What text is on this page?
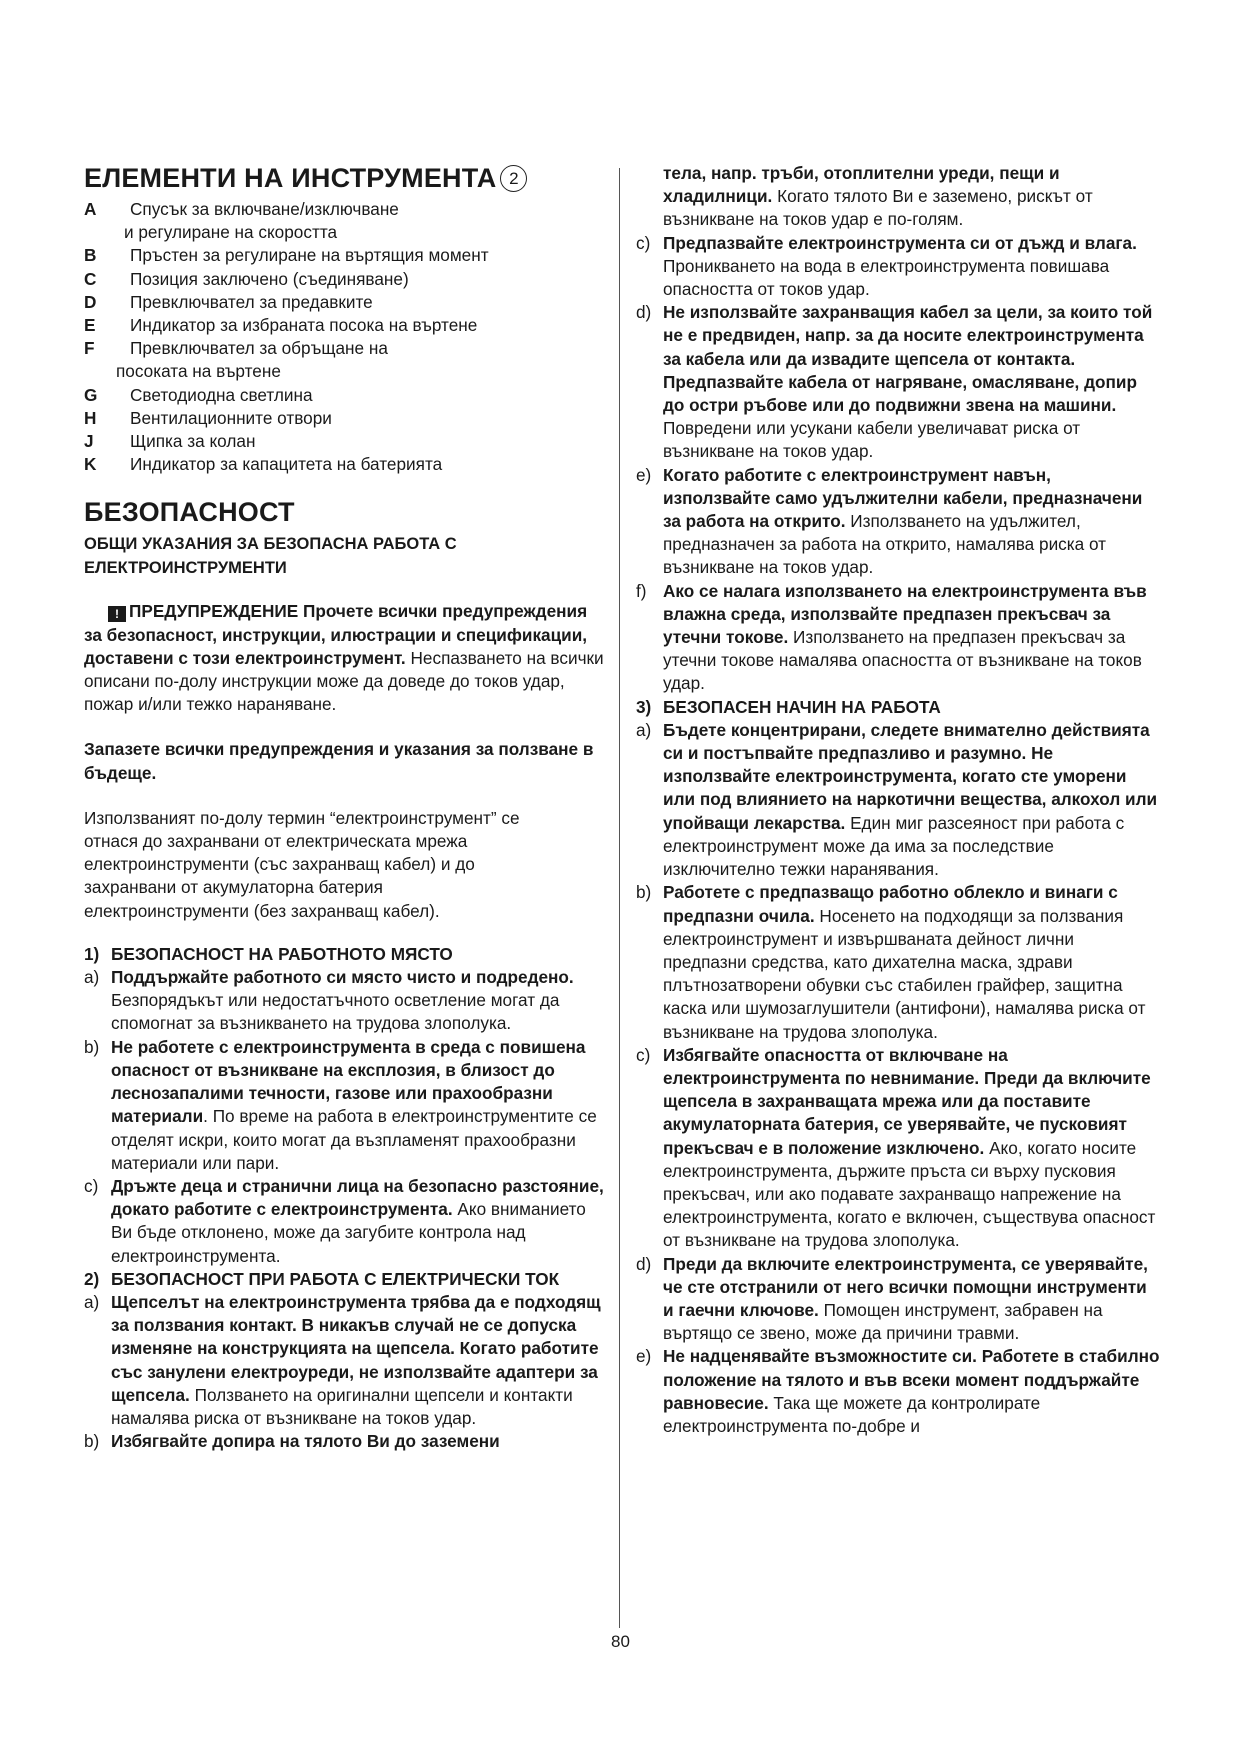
ЕЛЕМЕНТИ НА ИНСТРУМЕНТА 2
A	Спусък за включване/изключване
и регулиране на скоростта
B	Пръстен за регулиране на въртящия момент
C	Позиция заключено (съединяване)
D	Превключвател за предавките
E	Индикатор за избраната посока на въртене
F	Превключвател за обръщане на
посоката на въртене
G	Светодиодна светлина
H	Вентилационните отвори
J	Щипка за колан
K	Индикатор за капацитета на батерията
БЕЗОПАСНОСТ
ОБЩИ УКАЗАНИЯ ЗА БЕЗОПАСНА РАБОТА С ЕЛЕКТРОИНСТРУМЕНТИ
! ПРЕДУПРЕЖДЕНИЕ Прочете всички предупреждения за безопасност, инструкции, илюстрации и спецификации, доставени с този електроинструмент. Неспазването на всички описани по-долу инструкции може да доведе до токов удар, пожар и/или тежко нараняване.
Запазете всички предупреждения и указания за ползване в бъдеще.
Използваният по-долу термин “електроинструмент” се отнася до захранвани от електрическата мрежа електроинструменти (със захранващ кабел) и до захранвани от акумулаторна батерия електроинструменти (без захранващ кабел).
1) БЕЗОПАСНОСТ НА РАБОТНОТО МЯСТО
a) Поддържайте работното си място чисто и подредено. Безпорядъкът или недостатъчното осветление могат да спомогнат за възникването на трудова злополука.
b) Не работете с електроинструмента в среда с повишена опасност от възникване на експлозия, в близост до леснозапалими течности, газове или прахообразни материали. По време на работа в електроинструментите се отделят искри, които могат да възпламенят прахообразни материали или пари.
c) Дръжте деца и странични лица на безопасно разстояние, докато работите с електроинструмента. Ако вниманието Ви бъде отклонено, може да загубите контрола над електроинструмента.
2) БЕЗОПАСНОСТ ПРИ РАБОТА С ЕЛЕКТРИЧЕСКИ ТОК
a) Щепселът на електроинструмента трябва да е подходящ за ползвания контакт. В никакъв случай не се допуска изменяне на конструкцията на щепсела. Когато работите със занулени електроуреди, не използвайте адаптери за щепсела. Ползването на оригинални щепсели и контакти намалява риска от възникване на токов удар.
b) Избягвайте допира на тялото Ви до заземени
тела, напр. тръби, отоплителни уреди, пещи и хладилници. Когато тялото Ви е заземено, рискът от възникване на токов удар е по-голям.
c) Предпазвайте електроинструмента си от дъжд и влага. Проникването на вода в електроинструмента повишава опасността от токов удар.
d) Не използвайте захранващия кабел за цели, за които той не е предвиден, напр. за да носите електроинструмента за кабела или да извадите щепсела от контакта. Предпазвайте кабела от нагряване, омасляване, допир до остри ръбове или до подвижни звена на машини. Повредени или усукани кабели увеличават риска от възникване на токов удар.
e) Когато работите с електроинструмент навън, използвайте само удължителни кабели, предназначени за работа на открито. Използването на удължител, предназначен за работа на открито, намалява риска от възникване на токов удар.
f) Ако се налага използването на електроинструмента във влажна среда, използвайте предпазен прекъсвач за утечни токове. Използването на предпазен прекъсвач за утечни токове намалява опасността от възникване на токов удар.
3) БЕЗОПАСЕН НАЧИН НА РАБОТА
a) Бъдете концентрирани, следете внимателно действията си и постъпвайте предпазливо и разумно. Не използвайте електроинструмента, когато сте уморени или под влиянието на наркотични вещества, алкохол или упойващи лекарства. Един миг разсеяност при работа с електроинструмент може да има за последствие изключително тежки наранявания.
b) Работете с предпазващо работно облекло и винаги с предпазни очила. Носенето на подходящи за ползвания електроинструмент и извършваната дейност лични предпазни средства, като дихателна маска, здрави плътнозатворени обувки със стабилен грайфер, защитна каска или шумозаглушители (антифони), намалява риска от възникване на трудова злополука.
c) Избягвайте опасността от включване на електроинструмента по невнимание. Преди да включите щепсела в захранващата мрежа или да поставите акумулаторната батерия, се уверявайте, че пусковият прекъсвач е в положение изключено. Ако, когато носите електроинструмента, държите пръста си върху пусковия прекъсвач, или ако подавате захранващо напрежение на електроинструмента, когато е включен, съществува опасност от възникване на трудова злополука.
d) Преди да включите електроинструмента, се уверявайте, че сте отстранили от него всички помощни инструменти и гаечни ключове. Помощен инструмент, забравен на въртящо се звено, може да причини травми.
e) Не надценявайте възможностите си. Работете в стабилно положение на тялото и във всеки момент поддържайте равновесие. Така ще можете да контролирате електроинструмента по-добре и
80
